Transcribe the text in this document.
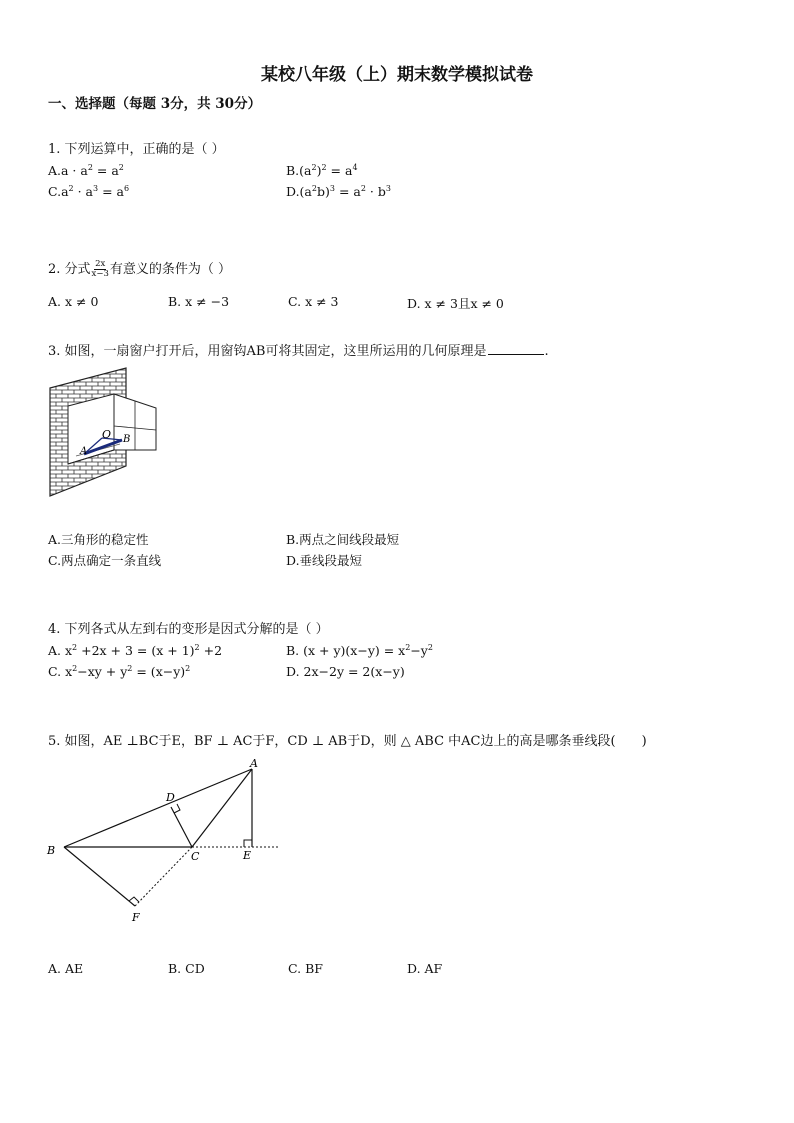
某校八年级（上）期末数学模拟试卷
一、选择题（每题 3分，共 30分）
1. 下列运算中，正确的是（ ）
$A.a \cdot a^2 = a^2$	$B.(a^2)^2 = a^4$
$C.a^2 \cdot a^3 = a^6$	$D.(a^2b)^3 = a^2 \cdot b^3$
2. 分式 $\frac{2x}{x-3}$ 有意义的条件为（ ）
A. x ≠ 0	B. x ≠ −3	C. x ≠ 3	D. x ≠ 3且x ≠ 0
3. 如图，一扇窗户打开后，用窗钩AB可将其固定，这里所运用的几何原理是	.
A
O B
A.三角形的稳定性	B.两点之间线段最短
C.两点确定一条直线	D.垂线段最短
4. 下列各式从左到右的变形是因式分解的是（ ）
A. $x^2 +2x + 3 = (x + 1)^2 +2$	B. $(x + y)(x-y) = x^2-y^2$
C. $x^2-xy + y^2 = (x-y)^2$	D. 2x−2y = 2(x−y)
5. 如图，AE ⊥BC于E，BF ⊥ AC于F，CD ⊥ AB于D，则 △ ABC 中AC边上的高是哪条垂线段(　　)
A
B	C
D
E
F
A. AE	B. CD	C. BF	D. AF
